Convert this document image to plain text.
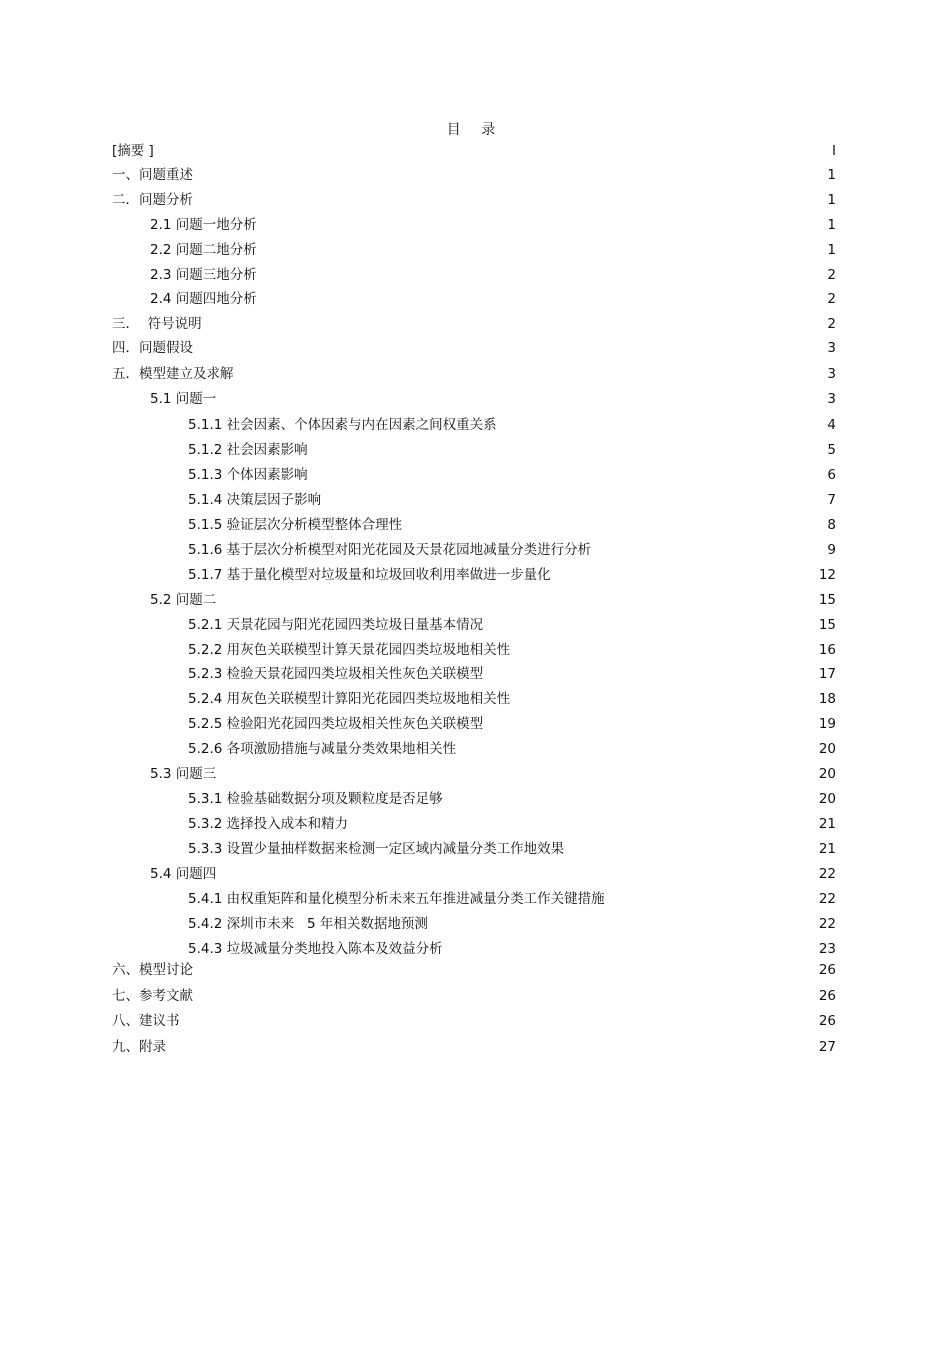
目 录
[摘要 ]	I
一、问题重述	1
二．问题分析	1
2.1 问题一地分析	1
2.2 问题二地分析	1
2.3 问题三地分析	2
2.4 问题四地分析	2
三．  符号说明	2
四．问题假设	3
五．模型建立及求解	3
5.1 问题一	3
5.1.1 社会因素、个体因素与内在因素之间权重关系	4
5.1.2 社会因素影响	5
5.1.3 个体因素影响	6
5.1.4 决策层因子影响	7
5.1.5 验证层次分析模型整体合理性	8
5.1.6 基于层次分析模型对阳光花园及天景花园地减量分类进行分析	9
5.1.7 基于量化模型对垃圾量和垃圾回收利用率做进一步量化	12
5.2 问题二	15
5.2.1 天景花园与阳光花园四类垃圾日量基本情况	15
5.2.2 用灰色关联模型计算天景花园四类垃圾地相关性	16
5.2.3 检验天景花园四类垃圾相关性灰色关联模型	17
5.2.4 用灰色关联模型计算阳光花园四类垃圾地相关性	18
5.2.5 检验阳光花园四类垃圾相关性灰色关联模型	19
5.2.6 各项激励措施与减量分类效果地相关性	20
5.3 问题三	20
5.3.1 检验基础数据分项及颗粒度是否足够	20
5.3.2 选择投入成本和精力	21
5.3.3 设置少量抽样数据来检测一定区域内减量分类工作地效果	21
5.4 问题四	22
5.4.1 由权重矩阵和量化模型分析未来五年推进减量分类工作关键措施	22
5.4.2 深圳市未来   5 年相关数据地预测	22
5.4.3 垃圾减量分类地投入陈本及效益分析	23
六、模型讨论	26
七、参考文献	26
八、建议书	26
九、附录	27
